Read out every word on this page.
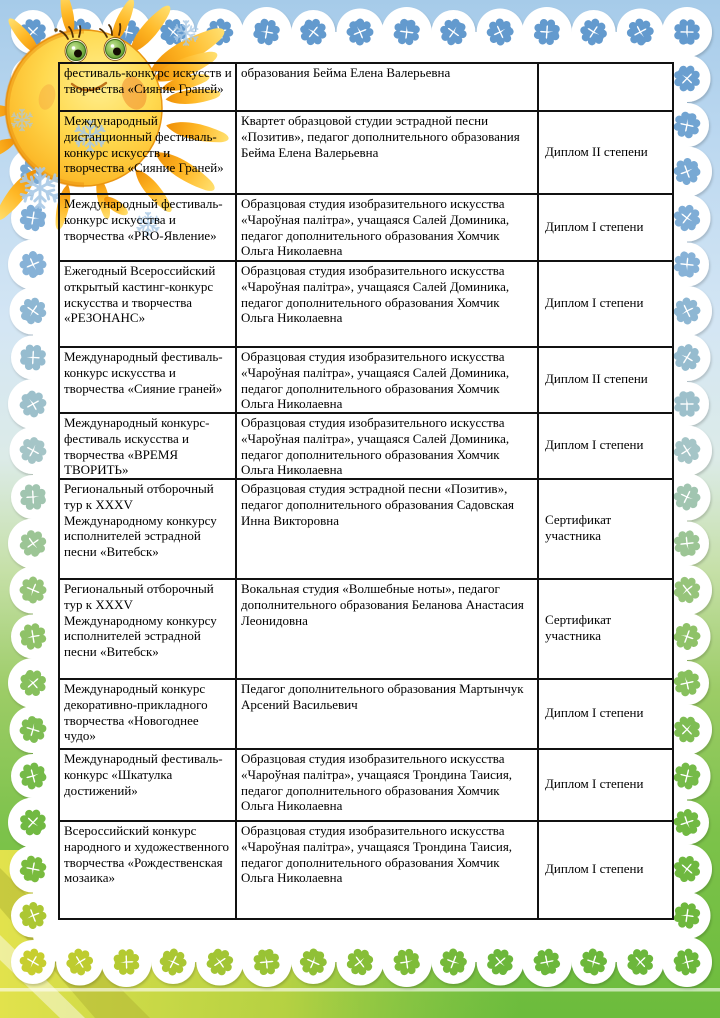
фестиваль-конкурс искусств и творчества «Сияние Граней»	образования Бейма Елена Валерьевна	

Международный дистанционный фестиваль-конкурс искусств и творчества «Сияние Граней»	Квартет образцовой студии эстрадной песни «Позитив», педагог дополнительного образования Бейма Елена Валерьевна	Диплом II степени

Международный фестиваль-конкурс искусства и творчества «PRO-Явление»	Образцовая студия изобразительного искусства «Чароўная палітра», учащаяся Салей Доминика, педагог дополнительного образования Хомчик Ольга Николаевна	Диплом I степени

Ежегодный Всероссийский открытый кастинг-конкурс искусства и творчества «РЕЗОНАНС»	Образцовая студия изобразительного искусства «Чароўная палітра», учащаяся Салей Доминика, педагог дополнительного образования Хомчик Ольга Николаевна	Диплом I степени

Международный фестиваль-конкурс искусства и творчества «Сияние граней»	Образцовая студия изобразительного искусства «Чароўная палітра», учащаяся Салей Доминика, педагог дополнительного образования Хомчик Ольга Николаевна	Диплом II степени

Международный конкурс-фестиваль искусства и творчества «ВРЕМЯ ТВОРИТЬ»	Образцовая студия изобразительного искусства «Чароўная палітра», учащаяся Салей Доминика, педагог дополнительного образования Хомчик Ольга Николаевна	Диплом I степени

Региональный отборочный тур к XXXV Международному конкурсу исполнителей эстрадной песни «Витебск»	Образцовая студия эстрадной песни «Позитив», педагог дополнительного образования Садовская Инна Викторовна	Сертификат участника

Региональный отборочный тур к XXXV Международному конкурсу исполнителей эстрадной песни «Витебск»	Вокальная студия «Волшебные ноты», педагог дополнительного образования Беланова Анастасия Леонидовна	Сертификат участника

Международный конкурс декоративно-прикладного творчества «Новогоднее чудо»	Педагог дополнительного образования Мартынчук Арсений Васильевич	Диплом I степени

Международный фестиваль-конкурс «Шкатулка достижений»	Образцовая студия изобразительного искусства «Чароўная палітра», учащаяся Трондина Таисия, педагог дополнительного образования Хомчик Ольга Николаевна	Диплом I степени

Всероссийский конкурс народного и художественного творчества «Рождественская мозаика»	Образцовая студия изобразительного искусства «Чароўная палітра», учащаяся Трондина Таисия, педагог дополнительного образования Хомчик Ольга Николаевна	Диплом I степени
